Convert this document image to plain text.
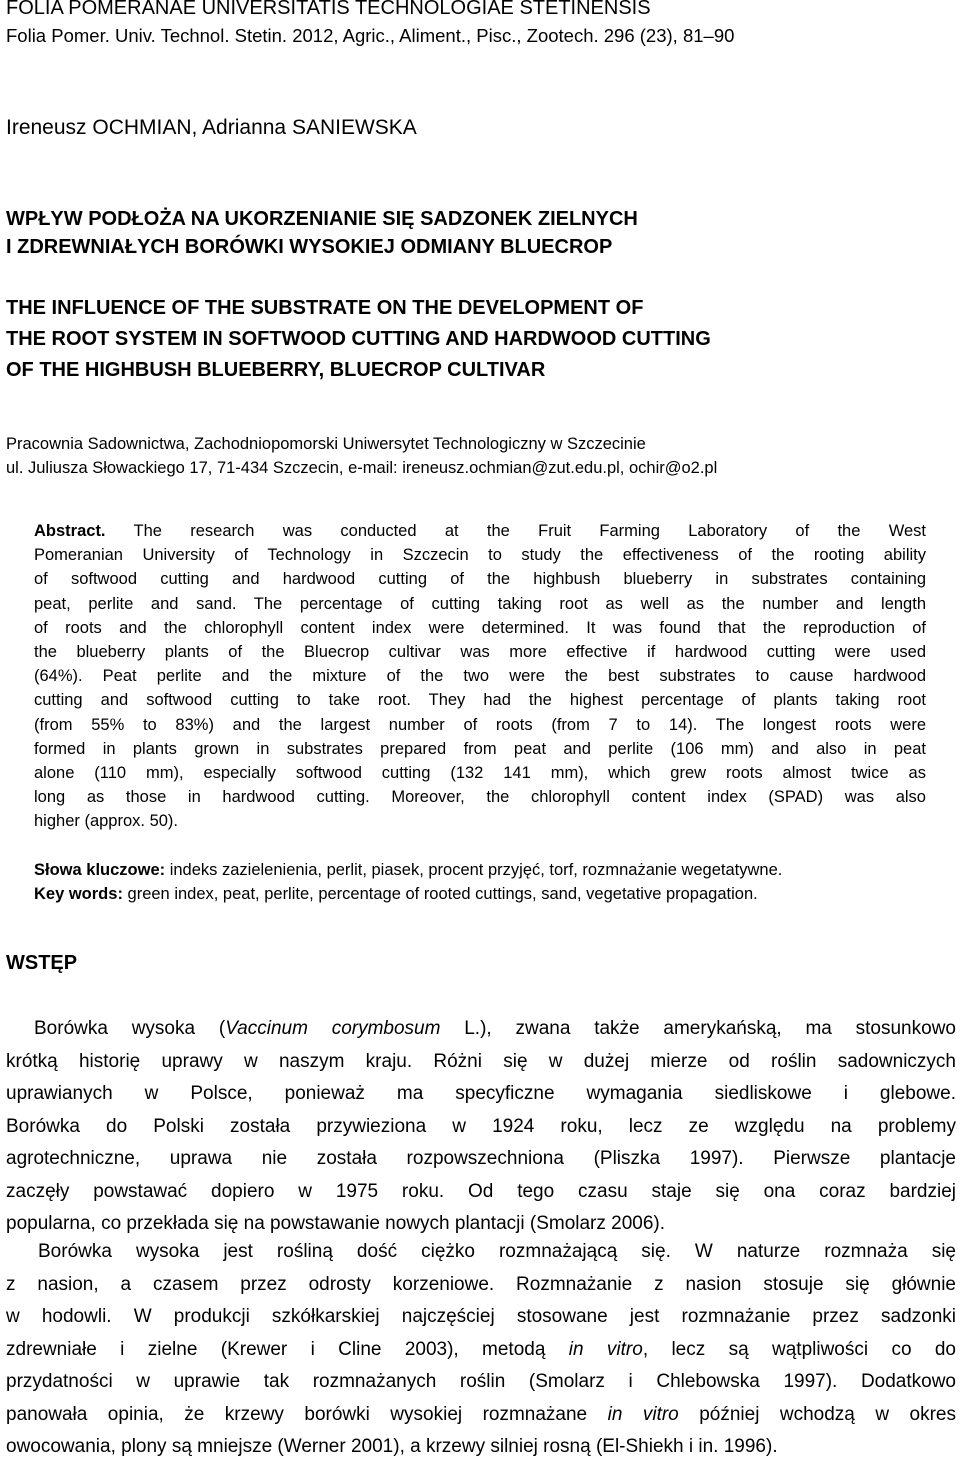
FOLIA POMERANAE UNIVERSITATIS TECHNOLOGIAE STETINENSIS
Folia Pomer. Univ. Technol. Stetin. 2012, Agric., Aliment., Pisc., Zootech. 296 (23), 81–90
Ireneusz OCHMIAN, Adrianna SANIEWSKA
WPŁYW PODŁOŻA NA UKORZENIANIE SIĘ SADZONEK ZIELNYCH
I ZDREWNIAŁYCH BORÓWKI WYSOKIEJ ODMIANY BLUECROP
THE INFLUENCE OF THE SUBSTRATE ON THE DEVELOPMENT OF
THE ROOT SYSTEM IN SOFTWOOD CUTTING AND HARDWOOD CUTTING
OF THE HIGHBUSH BLUEBERRY, BLUECROP CULTIVAR
Pracownia Sadownictwa, Zachodniopomorski Uniwersytet Technologiczny w Szczecinie
ul. Juliusza Słowackiego 17, 71-434 Szczecin, e-mail: ireneusz.ochmian@zut.edu.pl, ochir@o2.pl
Abstract. The research was conducted at the Fruit Farming Laboratory of the West
Pomeranian University of Technology in Szczecin to study the effectiveness of the rooting ability
of softwood cutting and hardwood cutting of the highbush blueberry in substrates containing
peat, perlite and sand. The percentage of cutting taking root as well as the number and length
of roots and the chlorophyll content index were determined. It was found that the reproduction of
the blueberry plants of the Bluecrop cultivar was more effective if hardwood cutting were used
(64%). Peat perlite and the mixture of the two were the best substrates to cause hardwood
cutting and softwood cutting to take root. They had the highest percentage of plants taking root
(from 55% to 83%) and the largest number of roots (from 7 to 14). The longest roots were
formed in plants grown in substrates prepared from peat and perlite (106 mm) and also in peat
alone (110 mm), especially softwood cutting (132 141 mm), which grew roots almost twice as
long as those in hardwood cutting. Moreover, the chlorophyll content index (SPAD) was also
higher (approx. 50).
Słowa kluczowe: indeks zazielenienia, perlit, piasek, procent przyjęć, torf, rozmnażanie wegetatywne.
Key words: green index, peat, perlite, percentage of rooted cuttings, sand, vegetative propagation.
WSTĘP
Borówka wysoka (Vaccinum corymbosum L.), zwana także amerykańską, ma stosunkowo
krótką historię uprawy w naszym kraju. Różni się w dużej mierze od roślin sadowniczych
uprawianych w Polsce, ponieważ ma specyficzne wymagania siedliskowe i glebowe.
Borówka do Polski została przywieziona w 1924 roku, lecz ze względu na problemy
agrotechniczne, uprawa nie została rozpowszechniona (Pliszka 1997). Pierwsze plantacje
zaczęły powstawać dopiero w 1975 roku. Od tego czasu staje się ona coraz bardziej
popularna, co przekłada się na powstawanie nowych plantacji (Smolarz 2006).
Borówka wysoka jest rośliną dość ciężko rozmnażającą się. W naturze rozmnaża się
z nasion, a czasem przez odrosty korzeniowe. Rozmnażanie z nasion stosuje się głównie
w hodowli. W produkcji szkółkarskiej najczęściej stosowane jest rozmnażanie przez sadzonki
zdrewniałe i zielne (Krewer i Cline 2003), metodą in vitro, lecz są wątpliwości co do
przydatności w uprawie tak rozmnażanych roślin (Smolarz i Chlebowska 1997). Dodatkowo
panowała opinia, że krzewy borówki wysokiej rozmnażane in vitro później wchodzą w okres
owocowania, plony są mniejsze (Werner 2001), a krzewy silniej rosną (El-Shiekh i in. 1996).
